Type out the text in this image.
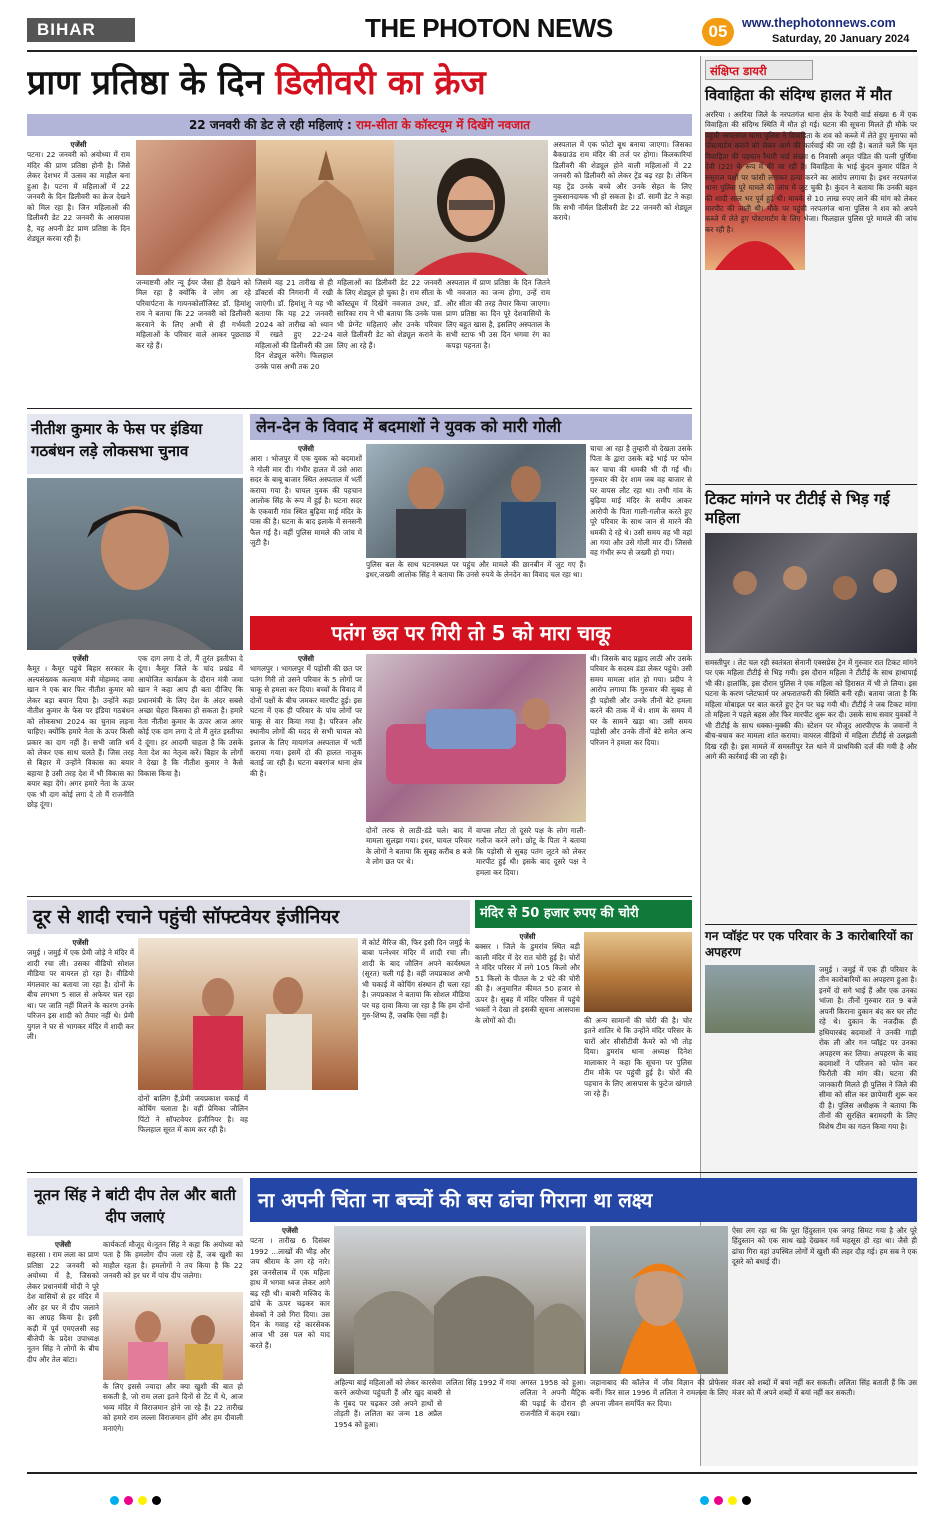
BIHAR	THE PHOTON NEWS	05	www.thephotonnews.com
Saturday, 20 January 2024
प्राण प्रतिष्ठा के दिन डिलीवरी का क्रेज
22 जनवरी की डेट ले रही महिलाएं : राम-सीता के कॉस्टयूम में दिखेंगे नवजात
एजेंसी
पटना। 22 जनवरी को अयोध्या में राम मंदिर की प्राण प्रतिष्ठा होनी है। जिसे लेकर देशभर में उत्सव का माहौल बना हुआ है। पटना में महिलाओं में 22 जनवरी के दिन डिलीवरी का क्रेज देखने को मिल रहा है। जिन महिलाओं की डिलीवरी डेट 22 जनवरी के आसपास है, वह अपनी डेट प्राण प्रतिष्ठा के दिन शेड्यूल करवा रही हैं।
अस्पताल में एक फोटो बूथ बनाया जाएगा। जिसका बैकग्राउंड राम मंदिर की तर्ज पर होगा। किलकारियां डिलीवरी की शेड्यूल होने वाली महिलाओं में 22 जनवरी को डिलीवरी को लेकर ट्रेंड बढ़ रहा है। लेकिन यह ट्रेंड उनके बच्चे और उनके सेहत के लिए नुकसानदायक भी हो सकता है। डॉ. सामी डेट ने कहा कि सभी नॉर्मल डिलीवरी डेट 22 जनवरी को शेड्यूल कराये।
जन्माष्टमी और न्यू ईयर जैसा ही देखने को मिल रहा है क्योंकि वे लोग आ रहे परिवार्पटना के गायनकोलॉजिस्ट डॉ. हिमांशु राय ने बताया कि 22 जनवरी को डिलीवरी करवाने के लिए अभी से ही गर्भवती महिलाओं के परिवार वाले आकर पूछताछ कर रहे हैं।
जिसमे यह 21 तारीख से ही डॉक्टर्स की निगरानी में रखी जाएंगी। डॉ. हिमांशु ने यह भी बताया कि यह 22 जनवरी 2024 को तारीख को ध्यान में रखते हुए 22-24 महिलाओं की डिलीवरी की उस दिन शेड्यूल करेंगे। फिलहाल उनके पास अभी तक 20
महिलाओं का डिलीवरी डेट 22 जनवरी के लिए शेड्यूल हो चुका है। राम सीता के कॉस्ट्यूम में दिखेंगे नवजात उधर, डॉ. सारिका राय ने भी बताया कि उनके पास भी प्रेग्नेंट महिलाएं और उनके परिवार वाले डिलीवरी डेट को शेड्यूल कराने के लिए आ रहे हैं।
अस्पताल में प्राण प्रतिष्ठा के दिन जितने भी नवजात का जन्म होगा, उन्हें राम और सीता की तरह तैयार किया जाएगा। प्राण प्रतिष्ठा का दिन पूरे देशवासियों के लिए बहुत खास है, इसलिए अस्पताल के सभी स्टाफ भी उस दिन भगवा रंग का कपड़ा पहनता है।
संक्षिप्त डायरी
विवाहिता की संदिग्ध हालत में मौत
अररिया । अररिया जिले के नरपतगंज थाना क्षेत्र के रैयारी वार्ड संख्या 6 में एक विवाहिता की संदिग्ध स्थिति में मौत हो गई। घटना की सूचना मिलते ही मौके पर पहुंची नरपतगंज थाना पुलिस ने विवाहिता के शव को कब्जे में लेते हुए मुनाफा को पोस्टमार्टम कराने को लेकर आगे की कार्रवाई की जा रही है। बताते चलें कि मृत विवाहिता की पहचान रैयारी वार्ड संख्या 6 निवासी अमृत पंडित की पत्नी पूर्णिमा देवी (22) के रूप में की जा रही है। विवाहिता के भाई कुंदन कुमार पंडित ने ससुराल पक्षों पर फांसी लगाकर हत्या करने का आरोप लगाया है। इधर नरपतगंज थाना पुलिस पूरे मामले की जांच में जुट चुकी है। कुंदन ने बताया कि उनकी बहन की शादी साल भर पूर्व हुई थी। मायके से 10 लाख रुपए लाने की मांग को लेकर मारपीट की जाती थी। मौके पर पहुंची नरपतगंज थाना पुलिस ने शव को अपने कब्जे में लेते हुए पोस्टमार्टम के लिए भेजा। फिलहाल पुलिस पूरे मामले की जांच कर रही है।
टिकट मांगने पर टीटीई से भिड़ गई महिला
समस्तीपुर । लेट चल रही स्वतंत्रता सेनानी एक्सप्रेस ट्रेन में गुरुवार रात टिकट मांगने पर एक महिला टीटीई से भिड़ गयी। इस दौरान महिला ने टीटीई के साथ हाथापाई भी की। हालांकि, इस दौरान पुलिस ने एक महिला को हिरासत में भी ले लिया। इस घटना के करण प्लेटफार्म पर अफरातफरी की स्थिति बनी रही। बताया जाता है कि महिला मोबाइल पर बात करते हुए ट्रेन पर चढ़ गयी थी। टीटीई ने जब टिकट मांगा तो महिला ने पहले बहस और फिर मारपीट शुरू कर दी। उसके साथ सवार युवकों ने भी टीटीई के साथ धक्का-मुक्की की। स्टेशन पर मौजूद आरपीएफ के जवानों ने बीच-बचाव कर मामला शांत कराया। वायरल वीडियो में महिला टीटीई से उलझती दिख रही है। इस मामले में समस्तीपुर रेल थाने में प्राथमिकी दर्ज की गयी है और आगे की कार्रवाई की जा रही है।
गन प्वॉइंट पर एक परिवार के 3 कारोबारियों का अपहरण
जमुई । जमुई में एक ही परिवार के तीन कारोबारियों का अपहरण हुआ है। इनमें दो सगे भाई हैं और एक उनका भांजा है। तीनों गुरुवार रात 9 बजे अपनी किराना दुकान बंद कर घर लौट रहे थे। दुकान के नजदीक ही हथियारबंद बदमाशों ने उनकी गाड़ी रोक ली और गन प्वॉइंट पर उनका अपहरण कर लिया। अपहरण के बाद बदमाशों ने परिजन को फोन कर फिरौती की मांग की। घटना की जानकारी मिलते ही पुलिस ने जिले की सीमा को सील कर छापेमारी शुरू कर दी है। पुलिस अधीक्षक ने बताया कि तीनों की सुरक्षित बरामदगी के लिए विशेष टीम का गठन किया गया है।
नीतीश कुमार के फेस पर इंडिया गठबंधन लड़े लोकसभा चुनाव
एजेंसी
कैमूर । कैमूर पहुंचे बिहार सरकार के अल्पसंख्यक कल्याण मंत्री मोहम्मद जमा खान ने एक बार फिर नीतीश कुमार को लेकर बड़ा बयान दिया है। उन्होंने कहा नीतीश कुमार के फेस पर इंडिया गठबंधन को लोकसभा 2024 का चुनाव लड़ना चाहिए। क्योंकि हमारे नेता के ऊपर किसी प्रकार का दाग नहीं है। सभी जाति धर्म को लेकर एक साथ चलते हैं। जिस तरह से बिहार में उन्होंने विकास का बयार बहाया है उसी तरह देश में भी विकास का बयार बहा देंगे। अगर हमारे नेता के ऊपर एक भी दाग कोई लगा दे तो मैं राजनीति छोड़ दूंगा।
एक दाग लगा दे तो, मैं तुरंत इस्तीफा दे दूंगा। कैमूर जिले के चांद प्रखंड में आयोजित कार्यक्रम के दौरान मंत्री जमा खान ने कहा आप ही बता दीजिए कि प्रधानमंत्री के लिए देश के अंदर सबसे अच्छा चेहरा किसका हो सकता है। हमारे नेता नीतीश कुमार के ऊपर आज अगर कोई एक दाग लगा दे तो मैं तुरंत इस्तीफा दे दूंगा। हर आदमी चाहता है कि उसके नेता देश का नेतृत्व करें। बिहार के लोगों ने देखा है कि नीतीश कुमार ने कैसे विकास किया है।
लेन-देन के विवाद में बदमाशों ने युवक को मारी गोली
एजेंसी
आरा । भोजपुर में एक युवक को बदमाशों ने गोली मार दी। गंभीर हालत में उसे आरा सदर के बाबू बाजार स्थित अस्पताल में भर्ती कराया गया है। घायल युवक की पहचान आलोक सिंह के रूप में हुई है। घटना सदर के एकवारी गांव स्थित बुढ़िया माई मंदिर के पास की है। घटना के बाद इलाके में सनसनी फैल गई है। वहीं पुलिस मामले की जांच में जुटी है।
पुलिस बल के साथ घटनास्थल पर पहुंच और मामले की छानबीन में जुट गए हैं। इधर,जख्मी आलोक सिंह ने बताया कि उनसे रुपये के लेनदेन का विवाद चल रहा था।
चाचा आ रहा है तुम्हारी वो देखता उसके पिता के द्वारा उसके बड़े भाई पर फोन कर चाचा की धमकी भी दी गई थी। गुरुवार की देर शाम जब वह बाजार से घर वापस लौट रहा था। तभी गांव के बुढ़िया माई मंदिर के समीप आकर आरोपी के पिता गाली-गलौज करते हुए पूरे परिवार के साथ जान से मारने की धमकी दे रहे थे। उसी समय वह भी वहां आ गया और उसे गोली मार दी। जिससे वह गंभीर रूप से जख्मी हो गया।
पतंग छत पर गिरी तो 5 को मारा चाकू
एजेंसी
भागलपुर । भागलपुर में पड़ोसी की छत पर पतंग गिरी तो उसने परिवार के 5 लोगों पर चाकू से हमला कर दिया। बच्चों के विवाद में दोनों पक्षों के बीच जमकर मारपीट हुई। इस घटना में एक ही परिवार के पांच लोगों पर चाकू से वार किया गया है। परिजन और स्थानीय लोगों की मदद से सभी घायल को इलाज के लिए मायागंज अस्पताल में भर्ती कराया गया। इसमें दो की हालत नाजुक बताई जा रही है। घटना बबरगंज थाना क्षेत्र की है।
दोनों तरफ से लाठी-डंडे चले। बाद में मामला सुलझा गया। इधर, घायल परिवार के लोगों ने बताया कि सुबह करीब 8 बजे वे लोग छत पर थे।
वापस लौटा तो दूसरे पक्ष के लोग गाली-गलौज करने लगे। छोटू के पिता ने बताया कि पड़ोसी से सुबह पतंग लूटने को लेकर मारपीट हुई थी। इसके बाद दूसरे पक्ष ने हमला कर दिया।
थी। जिसके बाद प्रह्लाद लाठी और उसके परिवार के सदस्य डंडा लेकर पहुंचे। उसी समय मामला शांत हो गया। प्रदीप ने आरोप लगाया कि गुरुवार की सुबह से ही पड़ोसी और उनके तीनों बेटे हमला करने की ताक में थे। शाम के समय में घर के सामने खड़ा था। उसी समय पड़ोसी और उनके तीनों बेटे समेत अन्य परिजन ने हमला कर दिया।
दूर से शादी रचाने पहुंची सॉफ्टवेयर इंजीनियर
एजेंसी
जमुई । जमुई में एक प्रेमी जोड़े ने मंदिर में शादी रचा ली। उसका वीडियो सोशल मीडिया पर वायरल हो रहा है। वीडियो मंगलवार का बताया जा रहा है। दोनों के बीच लगभग 5 साल से अफेयर चल रहा था। पर जाति नहीं मिलने के कारण उनके परिजन इस शादी को तैयार नहीं थे। प्रेमी युगल ने घर से भागकर मंदिर में शादी कर ली।
दोनों बालिग हैं,प्रेमी जयप्रकाश चकाई में कोचिंग चलाता है। वहीं प्रेमिका जौलिन पिंटो ने सॉफ्टवेयर इंजीनियर है। वह फिलहाल सूरत में काम कर रही है।
में कोर्ट मैरिज की, फिर इसी दिन जमुई के बाबा पत्नेश्वर मंदिर में शादी रचा ली। शादी के बाद जौलिन अपने कार्यस्थल (सूरत) चली गई है। वहीं जयप्रकाश अभी भी चकाई में कोचिंग संस्थान ही चला रहा है। जयप्रकाश ने बताया कि सोशल मीडिया पर यह दावा किया जा रहा है कि हम दोनों गुरु-शिष्य हैं, जबकि ऐसा नहीं है।
मंदिर से 50 हजार रुपए की चोरी
एजेंसी
बक्सर । जिले के डुमरांव स्थित बड़ी काली मंदिर में देर रात चोरी हुई है। चोरों ने मंदिर परिसर में लगे 105 किलो और 51 किलो के पीतल के 2 घंटे की चोरी की है। अनुमानित कीमत 50 हजार से ऊपर है। सुबह में मंदिर परिसर में पहुंचे भक्तों ने देखा तो इसकी सूचना आसपास के लोगों को दी।	की अन्य सामानों की चोरी की है। चोर इतने शातिर थे कि उन्होंने मंदिर परिसर के चारों ओर सीसीटीवी कैमरे को भी तोड़ दिया। डुमरांव थाना अध्यक्ष दिनेश मालाकार ने कहा कि सूचना पर पुलिस टीम मौके पर पहुंची हुई है। चोरों की पहचान के लिए आसपास के फुटेज खंगाले जा रहे हैं।
नूतन सिंह ने बांटी दीप तेल और बाती दीप जलाएं
एजेंसी
सहरसा । राम लला का प्राण प्रतिष्ठा 22 जनवरी को अयोध्या में है, जिसको लेकर प्रधानमंत्री मोदी ने पूरे देश वासियों से हर मंदिर में और हर घर में दीप जलाने का आग्रह किया है। इसी कड़ी में पूर्व एमएलसी सह बीजेपी के प्रदेश उपाध्यक्ष नूतन सिंह ने लोगों के बीच दीप और तेल बांटा।
कार्यकर्ता मौजूद थे।नूतन सिंह ने कहा कि अयोध्या को पता है कि हमलोग दीप जला रहे हैं, जब खुशी का माहौल रहता है। हमलोगों ने तय किया है कि 22 जनवरी को हर घर में पांच दीप जलेगा।
के लिए इससे ज्यादा और क्या खुशी की बात हो सकती है, जो राम लला इतने दिनों से टेंट में थे, आज भव्य मंदिर में विराजमान होने जा रहे हैं। 22 तारीख को हमारे राम लल्ला विराजमान होंगे और हम दीवाली मनाएंगे।
ना अपनी चिंता ना बच्चों की बस ढांचा गिराना था लक्ष्य
एजेंसी
पटना । तारीख 6 दिसंबर 1992 ...लाखों की भीड़ और जय श्रीराम के लग रहे नारे। इस जनसैलाब में एक महिला हाथ में भगवा ध्वज लेकर आगे बढ़ रही थी। बाबरी मस्जिद के ढांचे के ऊपर चढ़कर कार सेवकों ने उसे गिरा दिया। उस दिन के गवाह रहे कारसेवक आज भी उस पल को याद करते हैं।
ऐसा लग रहा था कि पूरा हिंदुस्तान एक जगह सिमट गया है और पूरे हिंदुस्तान को एक साथ खड़े देखकर गर्व महसूस हो रहा था। जैसे ही ढांचा गिरा वहां उपस्थित लोगों में खुशी की लहर दौड़ गई। हम सब ने एक दूसरे को बधाई दी।
अहिल्या बाई महिलाओं को लेकर कारसेवा करने अयोध्या पहुंचती हैं और खुद बाबरी के गुंबद पर चढ़कर उसे अपने हाथों से तोड़ती हैं। ललिता का जन्म 18 अप्रैल 1954 को हुआ।
ललिता सिंह 1992 में गया से
अगस्त 1958 को हुआ। ललिता ने अपनी मैट्रिक की पढ़ाई के दौरान ही राजनीति में कदम रखा।
जहानाबाद की कॉलेज में जीव विज्ञान की प्रोफेसर बनीं। फिर साल 1996 में ललिता ने रामलला के लिए अपना जीवन समर्पित कर दिया।
मंजर को शब्दों में बयां नहीं कर सकती। ललिता सिंह बताती हैं कि उस मंजर को मैं अपने शब्दों में बयां नहीं कर सकती।
